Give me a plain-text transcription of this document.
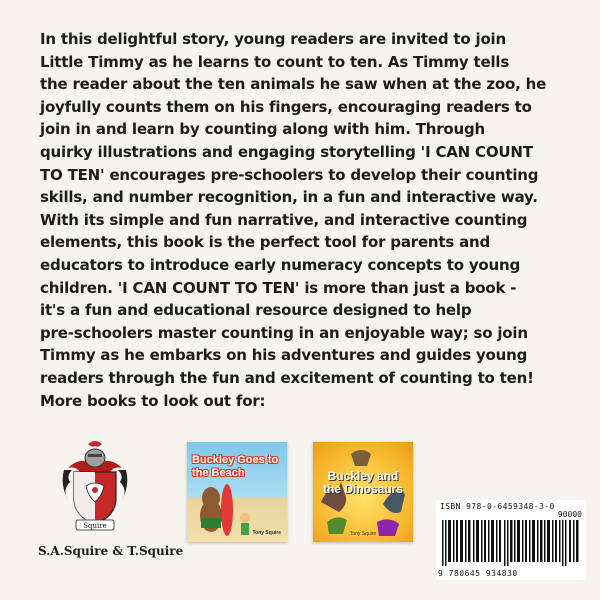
In this delightful story, young readers are invited to join

Little Timmy as he learns to count to ten. As Timmy tells

the reader about the ten animals he saw when at the zoo, he

joyfully counts them on his fingers, encouraging readers to

join in and learn by counting along with him. Through

quirky illustrations and engaging storytelling 'I CAN COUNT

TO TEN' encourages pre-schoolers to develop their counting

skills, and number recognition, in a fun and interactive way.

With its simple and fun narrative, and interactive counting

elements, this book is the perfect tool for parents and

educators to introduce early numeracy concepts to young

children. 'I CAN COUNT TO TEN' is more than just a book -

it's a fun and educational resource designed to help

pre-schoolers master counting in an enjoyable way; so join

Timmy as he embarks on his adventures and guides young

readers through the fun and excitement of counting to ten!

More books to look out for:

Squire
S.A.Squire & T.Squire
Buckley Goes to the Beach
Tony Squire
Buckley and the Dinosaurs
Tony Squire
ISBN 978-0-6459348-3-0
90000
9 780645 934830
